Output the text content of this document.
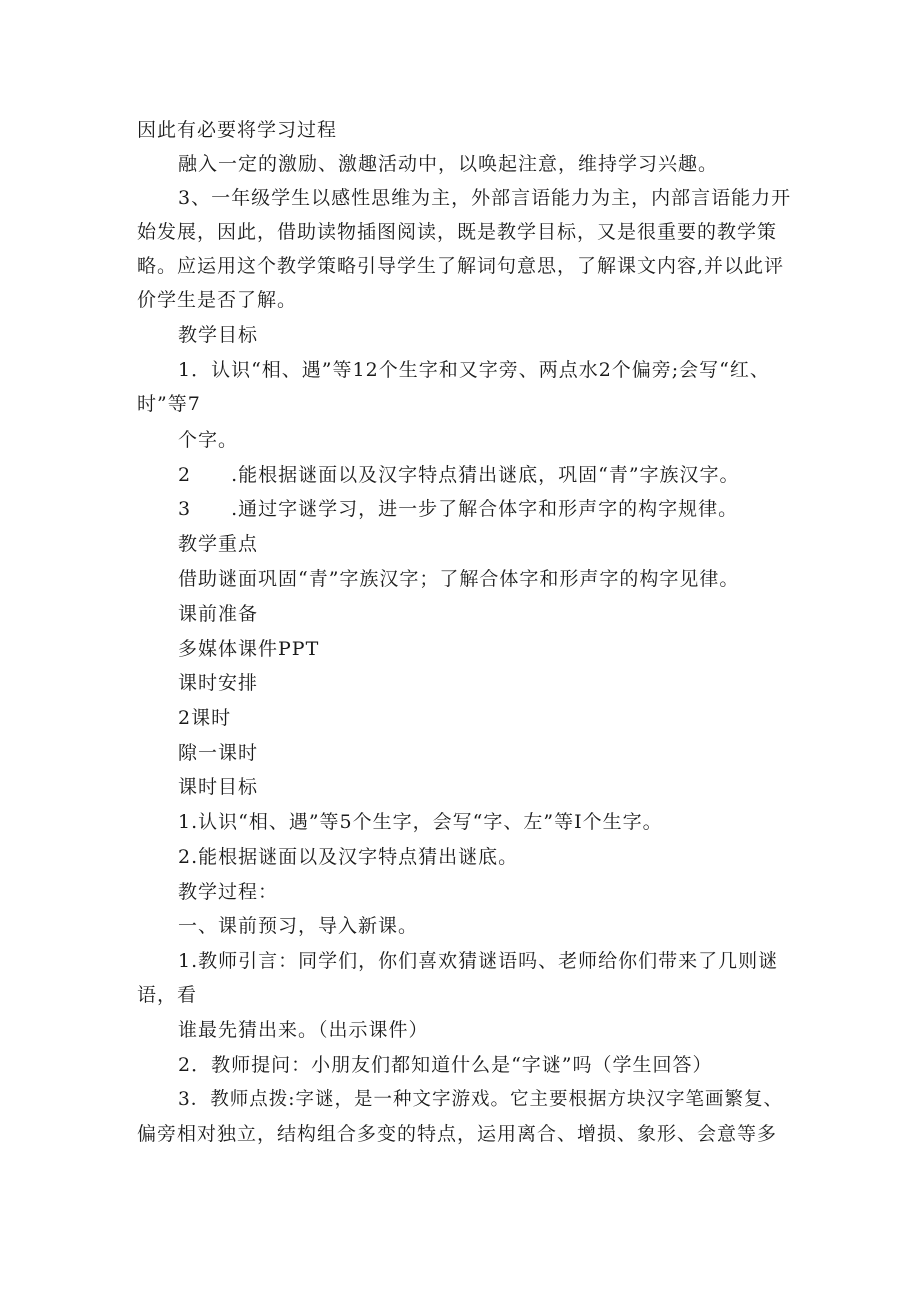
因此有必要将学习过程
融入一定的激励、激趣活动中，以唤起注意，维持学习兴趣。
3、一年级学生以感性思维为主，外部言语能力为主，内部言语能力开
始发展，因此，借助读物插图阅读，既是教学目标，又是很重要的教学策
略。应运用这个教学策略引导学生了解词句意思，了解课文内容,并以此评
价学生是否了解。
教学目标
1．认识“相、遇”等12个生字和又字旁、两点水2个偏旁;会写“红、
时”等7
个字。
2　　.能根据谜面以及汉字特点猜出谜底，巩固“青”字族汉字。
3　　.通过字谜学习，进一步了解合体字和形声字的构字规律。
教学重点
借助谜面巩固“青”字族汉字；了解合体字和形声字的构字见律。
课前准备
多媒体课件PPT
课时安排
2课时
隙一课时
课时目标
1.认识“相、遇”等5个生字，会写“字、左”等I个生字。
2.能根据谜面以及汉字特点猜出谜底。
教学过程：
一、课前预习，导入新课。
1.教师引言：同学们，你们喜欢猜谜语吗、老师给你们带来了几则谜
语，看
谁最先猜出来。（出示课件）
2．教师提问：小朋友们都知道什么是“字谜”吗（学生回答）
3．教师点拨:字谜，是一种文字游戏。它主要根据方块汉字笔画繁复、
偏旁相对独立，结构组合多变的特点，运用离合、增损、象形、会意等多
